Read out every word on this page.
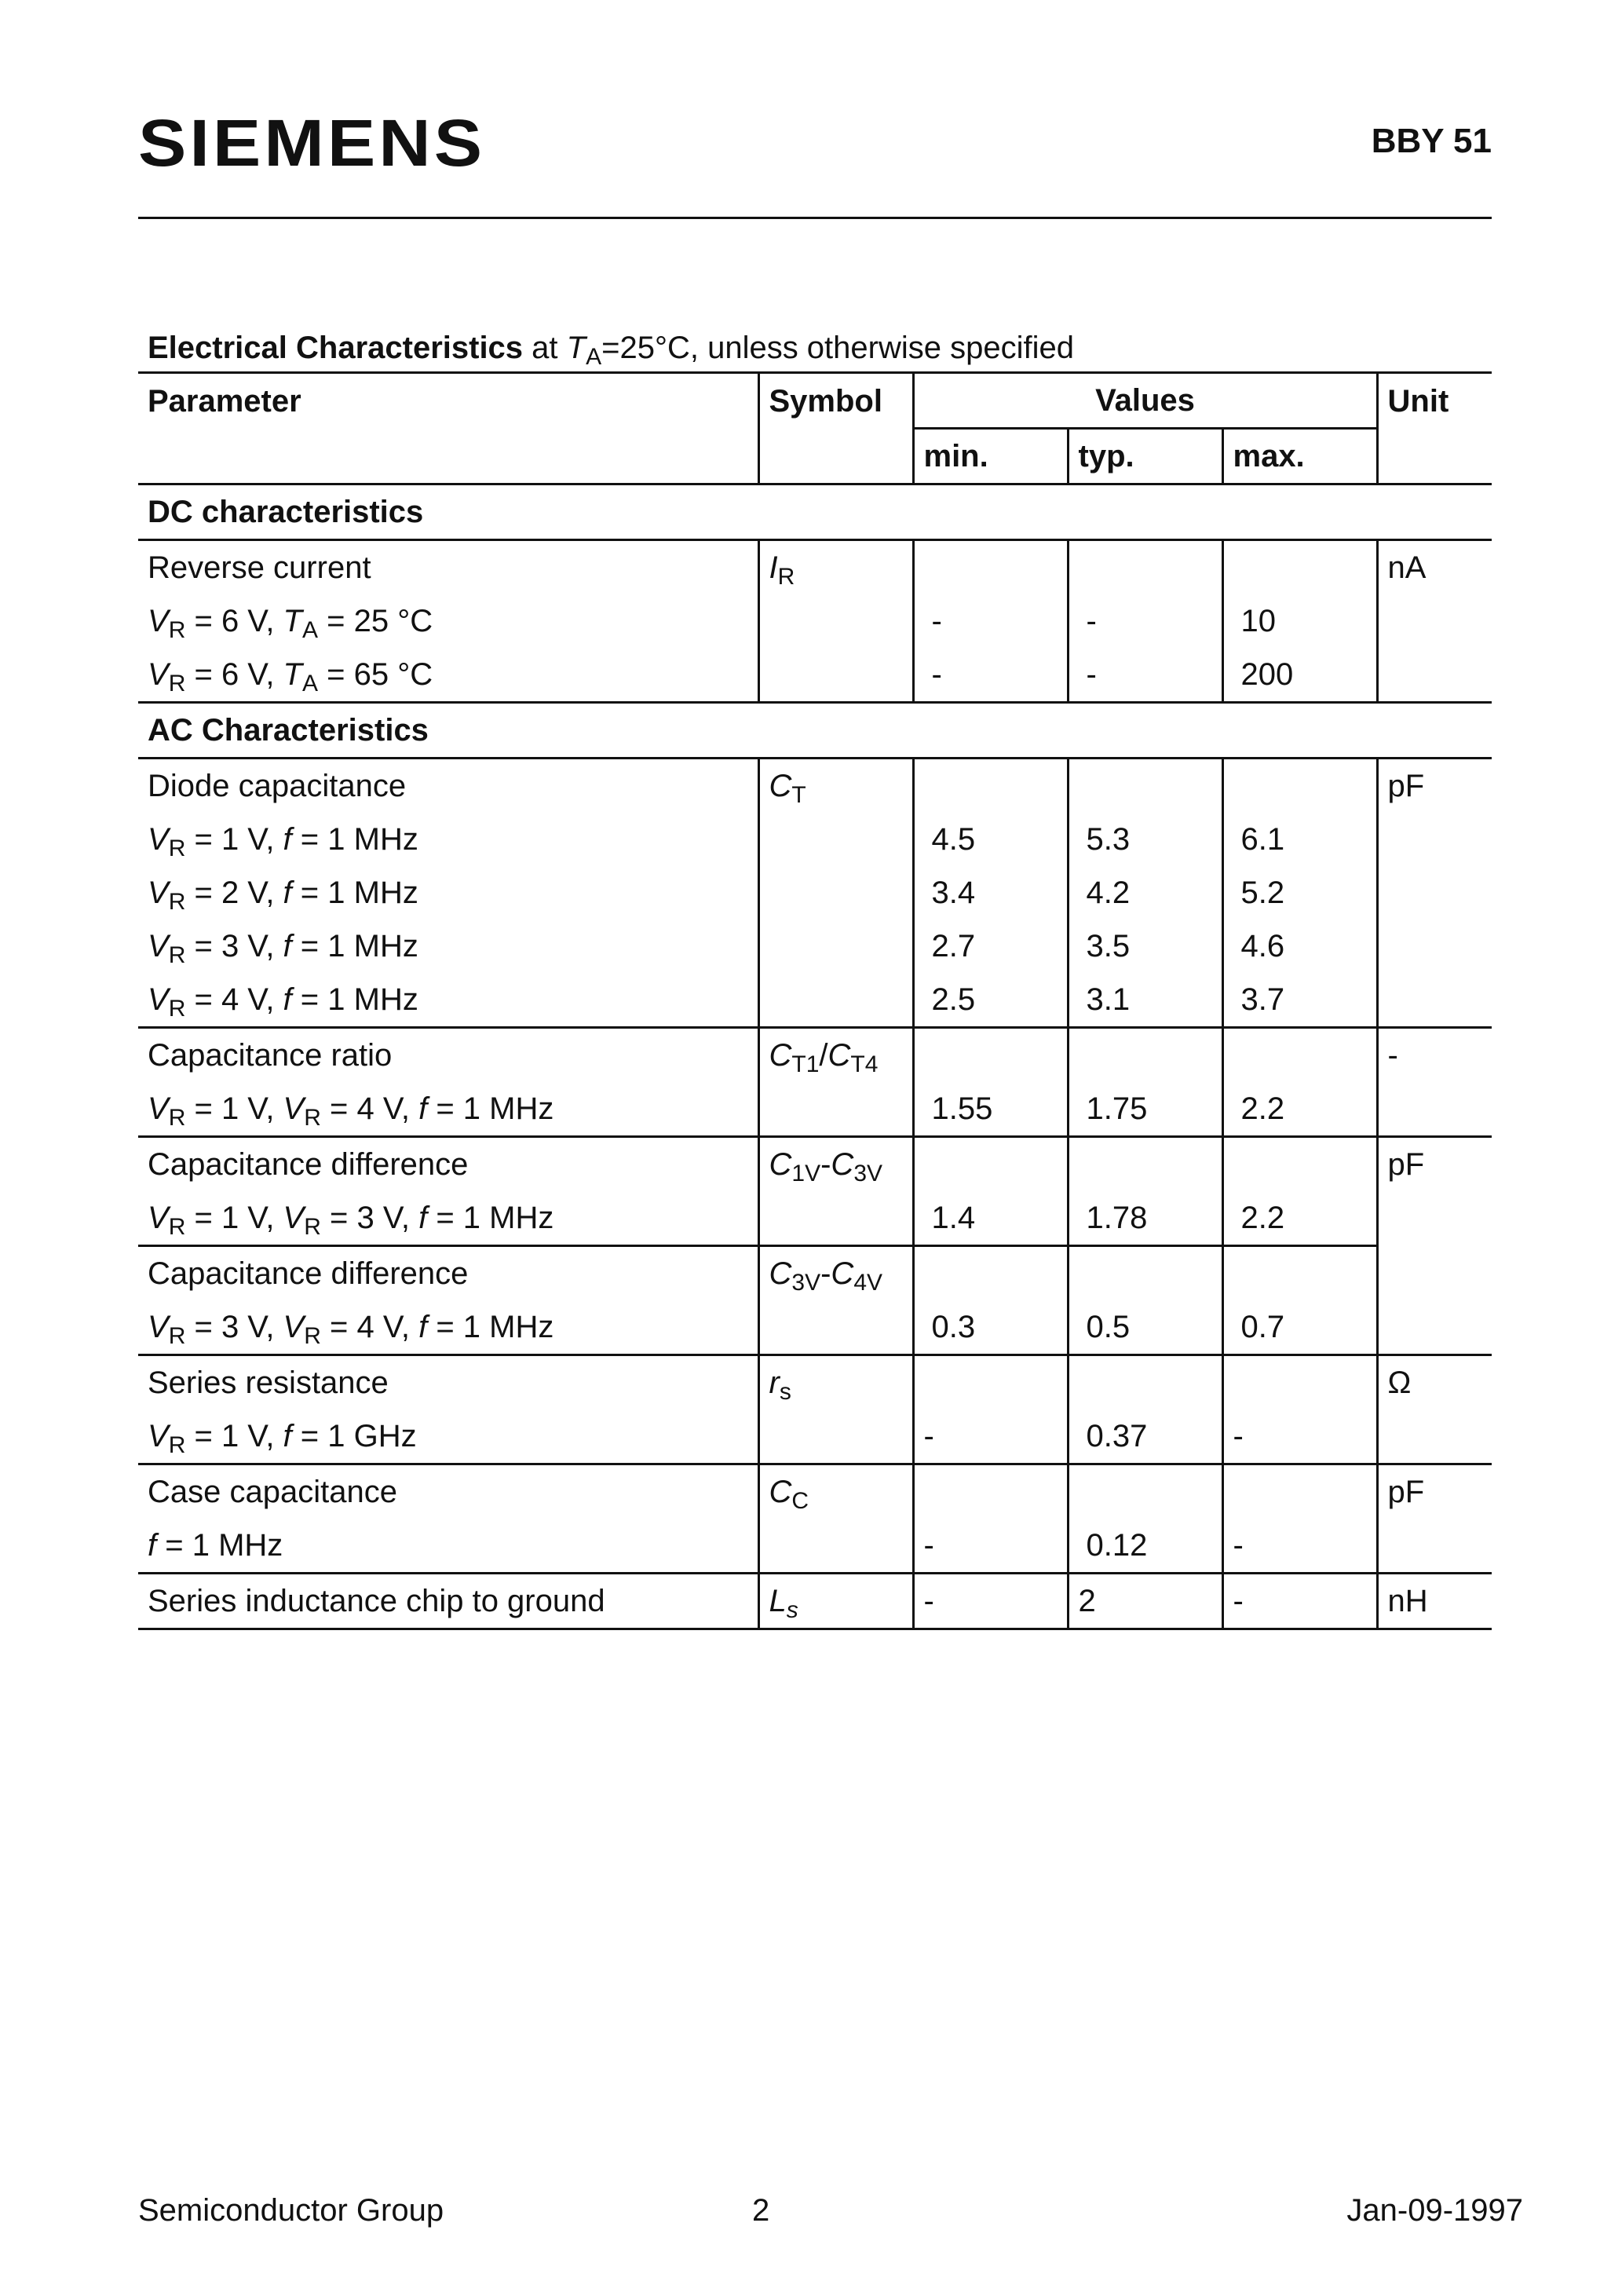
SIEMENS	BBY 51
Electrical Characteristics at $T_A=25^\circ C$, unless otherwise specified
Parameter	Symbol	Values			Unit
		min.	typ.	max.	
DC characteristics					
Reverse current	$I_R$				nA
$V_R = 6$ V, $T_A = 25$ °C		-	-	10	
$V_R = 6$ V, $T_A = 65$ °C		-	-	200	
AC Characteristics					
Diode capacitance	$C_T$				pF
$V_R = 1$ V, f = 1 MHz		4.5	5.3	6.1	
$V_R = 2$ V, f = 1 MHz		3.4	4.2	5.2	
$V_R = 3$ V, f = 1 MHz		2.7	3.5	4.6	
$V_R = 4$ V, f = 1 MHz		2.5	3.1	3.7	
Capacitance ratio	$C_{T1}/C_{T4}$				-
$V_R = 1$ V, $V_R = 4$ V, f = 1 MHz		1.55	1.75	2.2	
Capacitance difference	$C_{1V}-C_{3V}$				pF
$V_R = 1$ V, $V_R = 3$ V, f = 1 MHz		1.4	1.78	2.2	
Capacitance difference	$C_{3V}-C_{4V}$				
$V_R = 3$ V, $V_R = 4$ V, f = 1 MHz		0.3	0.5	0.7	
Series resistance	$r_s$				Ω
$V_R = 1$ V, f = 1 GHz		-	0.37	-	
Case capacitance	$C_C$				pF
f = 1 MHz		-	0.12	-	
Series inductance chip to ground	$L_s$	-	2	-	nH
Semiconductor Group	2	Jan-09-1997
